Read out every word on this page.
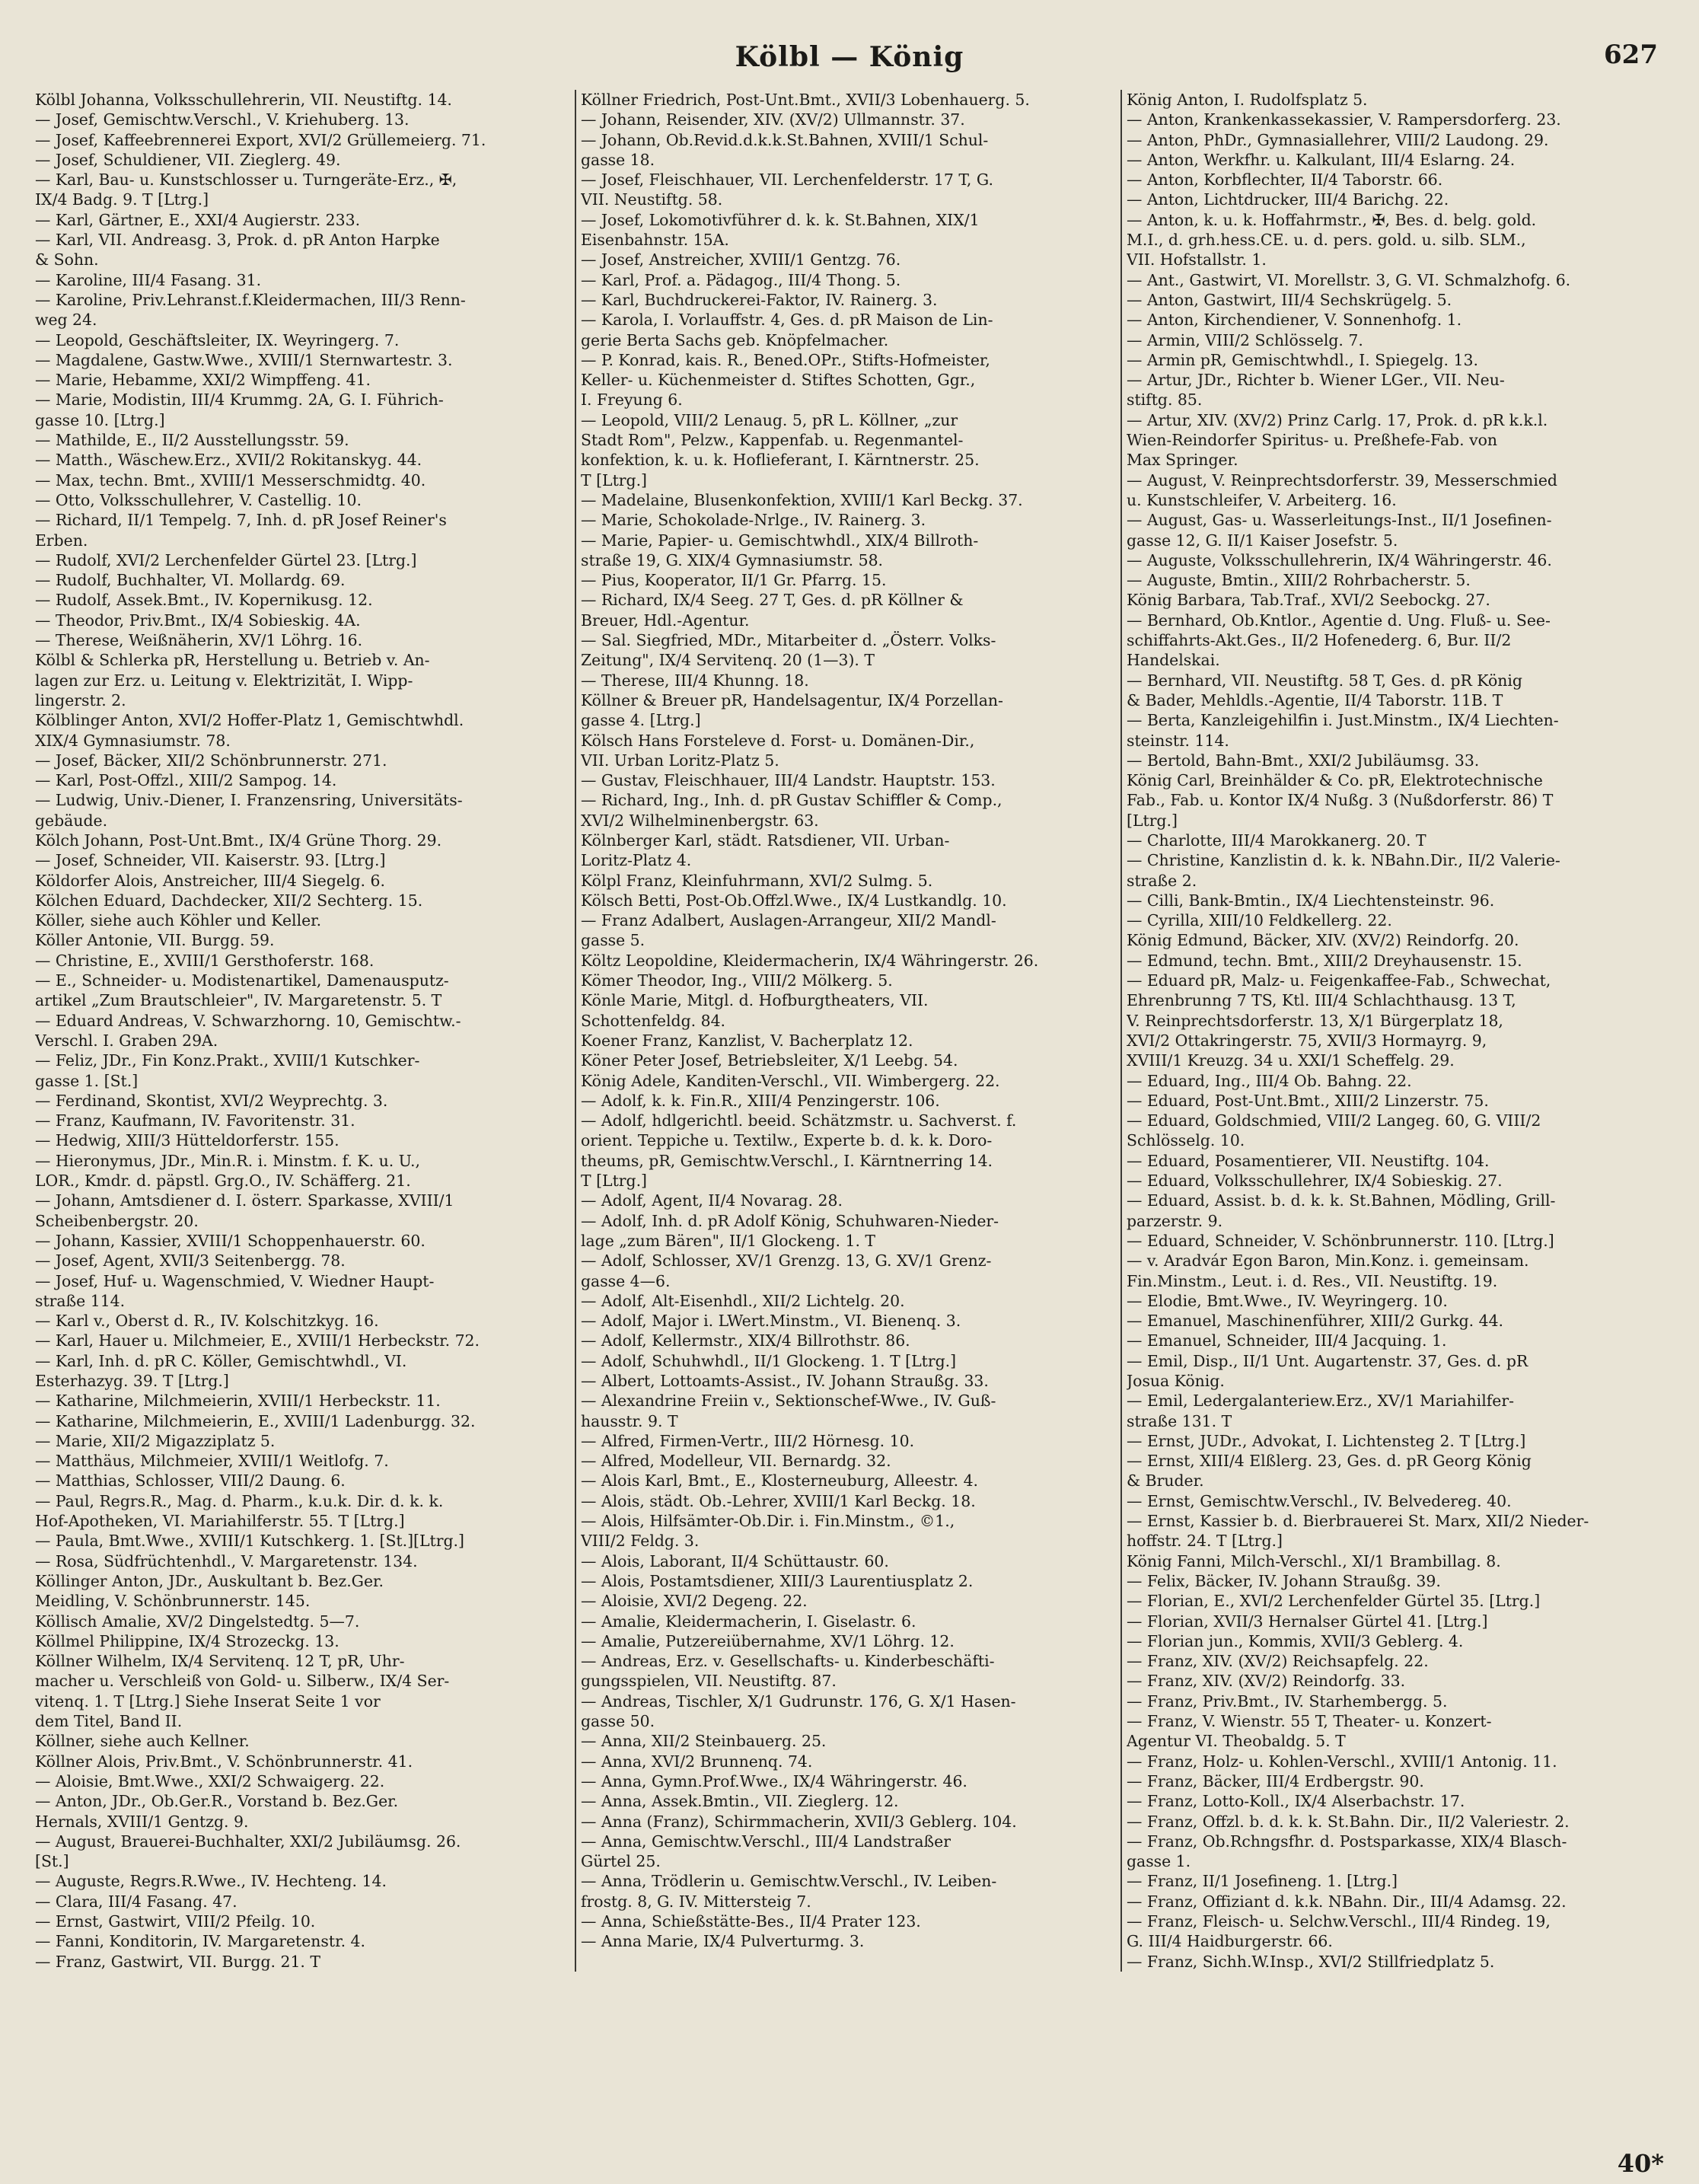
Kölbl — König	627
Kölbl Johanna, Volksschullehrerin, VII. Neustiftg. 14.
— Josef, Gemischtw.Verschl., V. Kriehuberg. 13.
— Josef, Kaffeebrennerei Export, XVI/2 Grüllemeierg. 71.
— Josef, Schuldiener, VII. Zieglerg. 49.
— Karl, Bau- u. Kunstschlosser u. Turngeräte-Erz., ✠,
IX/4 Badg. 9. T [Ltrg.]
— Karl, Gärtner, E., XXI/4 Augierstr. 233.
— Karl, VII. Andreasg. 3, Prok. d. pR Anton Harpke
& Sohn.
— Karoline, III/4 Fasang. 31.
— Karoline, Priv.Lehranst.f.Kleidermachen, III/3 Renn-
weg 24.
— Leopold, Geschäftsleiter, IX. Weyringerg. 7.
— Magdalene, Gastw.Wwe., XVIII/1 Sternwartestr. 3.
— Marie, Hebamme, XXI/2 Wimpffeng. 41.
— Marie, Modistin, III/4 Krummg. 2A, G. I. Führich-
gasse 10. [Ltrg.]
— Mathilde, E., II/2 Ausstellungsstr. 59.
— Matth., Wäschew.Erz., XVII/2 Rokitanskyg. 44.
— Max, techn. Bmt., XVIII/1 Messerschmidtg. 40.
— Otto, Volksschullehrer, V. Castellig. 10.
— Richard, II/1 Tempelg. 7, Inh. d. pR Josef Reiner's
Erben.
— Rudolf, XVI/2 Lerchenfelder Gürtel 23. [Ltrg.]
— Rudolf, Buchhalter, VI. Mollardg. 69.
— Rudolf, Assek.Bmt., IV. Kopernikusg. 12.
— Theodor, Priv.Bmt., IX/4 Sobieskig. 4A.
— Therese, Weißnäherin, XV/1 Löhrg. 16.
Kölbl & Schlerka pR, Herstellung u. Betrieb v. An-
lagen zur Erz. u. Leitung v. Elektrizität, I. Wipp-
lingerstr. 2.
Kölblinger Anton, XVI/2 Hoffer-Platz 1, Gemischtwhdl.
XIX/4 Gymnasiumstr. 78.
— Josef, Bäcker, XII/2 Schönbrunnerstr. 271.
— Karl, Post-Offzl., XIII/2 Sampog. 14.
— Ludwig, Univ.-Diener, I. Franzensring, Universitäts-
gebäude.
Kölch Johann, Post-Unt.Bmt., IX/4 Grüne Thorg. 29.
— Josef, Schneider, VII. Kaiserstr. 93. [Ltrg.]
Köldorfer Alois, Anstreicher, III/4 Siegelg. 6.
Kölchen Eduard, Dachdecker, XII/2 Sechterg. 15.
Köller, siehe auch Köhler und Keller.
Köller Antonie, VII. Burgg. 59.
— Christine, E., XVIII/1 Gersthoferstr. 168.
— E., Schneider- u. Modistenartikel, Damenausputz-
artikel „Zum Brautschleier", IV. Margaretenstr. 5. T
— Eduard Andreas, V. Schwarzhorng. 10, Gemischtw.-
Verschl. I. Graben 29A.
— Feliz, JDr., Fin Konz.Prakt., XVIII/1 Kutschker-
gasse 1. [St.]
— Ferdinand, Skontist, XVI/2 Weyprechtg. 3.
— Franz, Kaufmann, IV. Favoritenstr. 31.
— Hedwig, XIII/3 Hütteldorferstr. 155.
— Hieronymus, JDr., Min.R. i. Minstm. f. K. u. U.,
LOR., Kmdr. d. päpstl. Grg.O., IV. Schäfferg. 21.
— Johann, Amtsdiener d. I. österr. Sparkasse, XVIII/1
Scheibenbergstr. 20.
— Johann, Kassier, XVIII/1 Schoppenhauerstr. 60.
— Josef, Agent, XVII/3 Seitenbergg. 78.
— Josef, Huf- u. Wagenschmied, V. Wiedner Haupt-
straße 114.
— Karl v., Oberst d. R., IV. Kolschitzkyg. 16.
— Karl, Hauer u. Milchmeier, E., XVIII/1 Herbeckstr. 72.
— Karl, Inh. d. pR C. Köller, Gemischtwhdl., VI.
Esterhazyg. 39. T [Ltrg.]
— Katharine, Milchmeierin, XVIII/1 Herbeckstr. 11.
— Katharine, Milchmeierin, E., XVIII/1 Ladenburgg. 32.
— Marie, XII/2 Migazziplatz 5.
— Matthäus, Milchmeier, XVIII/1 Weitlofg. 7.
— Matthias, Schlosser, VIII/2 Daung. 6.
— Paul, Regrs.R., Mag. d. Pharm., k.u.k. Dir. d. k. k.
Hof-Apotheken, VI. Mariahilferstr. 55. T [Ltrg.]
— Paula, Bmt.Wwe., XVIII/1 Kutschkerg. 1. [St.][Ltrg.]
— Rosa, Südfrüchtenhdl., V. Margaretenstr. 134.
Köllinger Anton, JDr., Auskultant b. Bez.Ger.
Meidling, V. Schönbrunnerstr. 145.
Köllisch Amalie, XV/2 Dingelstedtg. 5—7.
Köllmel Philippine, IX/4 Strozeckg. 13.
Köllner Wilhelm, IX/4 Servitenq. 12 T, pR, Uhr-
macher u. Verschleiß von Gold- u. Silberw., IX/4 Ser-
vitenq. 1. T [Ltrg.] Siehe Inserat Seite 1 vor
dem Titel, Band II.
Köllner, siehe auch Kellner.
Köllner Alois, Priv.Bmt., V. Schönbrunnerstr. 41.
— Aloisie, Bmt.Wwe., XXI/2 Schwaigerg. 22.
— Anton, JDr., Ob.Ger.R., Vorstand b. Bez.Ger.
Hernals, XVIII/1 Gentzg. 9.
— August, Brauerei-Buchhalter, XXI/2 Jubiläumsg. 26.
[St.]
— Auguste, Regrs.R.Wwe., IV. Hechteng. 14.
— Clara, III/4 Fasang. 47.
— Ernst, Gastwirt, VIII/2 Pfeilg. 10.
— Fanni, Konditorin, IV. Margaretenstr. 4.
— Franz, Gastwirt, VII. Burgg. 21. T
Köllner Friedrich, Post-Unt.Bmt., XVII/3 Lobenhauerg. 5.
— Johann, Reisender, XIV. (XV/2) Ullmannstr. 37.
— Johann, Ob.Revid.d.k.k.St.Bahnen, XVIII/1 Schul-
gasse 18.
— Josef, Fleischhauer, VII. Lerchenfelderstr. 17 T, G.
VII. Neustiftg. 58.
— Josef, Lokomotivführer d. k. k. St.Bahnen, XIX/1
Eisenbahnstr. 15A.
— Josef, Anstreicher, XVIII/1 Gentzg. 76.
— Karl, Prof. a. Pädagog., III/4 Thong. 5.
— Karl, Buchdruckerei-Faktor, IV. Rainerg. 3.
— Karola, I. Vorlauffstr. 4, Ges. d. pR Maison de Lin-
gerie Berta Sachs geb. Knöpfelmacher.
— P. Konrad, kais. R., Bened.OPr., Stifts-Hofmeister,
Keller- u. Küchenmeister d. Stiftes Schotten, Ggr.,
I. Freyung 6.
— Leopold, VIII/2 Lenaug. 5, pR L. Köllner, „zur
Stadt Rom", Pelzw., Kappenfab. u. Regenmantel-
konfektion, k. u. k. Hoflieferant, I. Kärntnerstr. 25.
T [Ltrg.]
— Madelaine, Blusenkonfektion, XVIII/1 Karl Beckg. 37.
— Marie, Schokolade-Nrlge., IV. Rainerg. 3.
— Marie, Papier- u. Gemischtwhdl., XIX/4 Billroth-
straße 19, G. XIX/4 Gymnasiumstr. 58.
— Pius, Kooperator, II/1 Gr. Pfarrg. 15.
— Richard, IX/4 Seeg. 27 T, Ges. d. pR Köllner &
Breuer, Hdl.-Agentur.
— Sal. Siegfried, MDr., Mitarbeiter d. „Österr. Volks-
Zeitung", IX/4 Servitenq. 20 (1—3). T
— Therese, III/4 Khunng. 18.
Köllner & Breuer pR, Handelsagentur, IX/4 Porzellan-
gasse 4. [Ltrg.]
Kölsch Hans Forsteleve d. Forst- u. Domänen-Dir.,
VII. Urban Loritz-Platz 5.
— Gustav, Fleischhauer, III/4 Landstr. Hauptstr. 153.
— Richard, Ing., Inh. d. pR Gustav Schiffler & Comp.,
XVI/2 Wilhelminenbergstr. 63.
Kölnberger Karl, städt. Ratsdiener, VII. Urban-
Loritz-Platz 4.
Kölpl Franz, Kleinfuhrmann, XVI/2 Sulmg. 5.
Kölsch Betti, Post-Ob.Offzl.Wwe., IX/4 Lustkandlg. 10.
— Franz Adalbert, Auslagen-Arrangeur, XII/2 Mandl-
gasse 5.
Költz Leopoldine, Kleidermacherin, IX/4 Währingerstr. 26.
Kömer Theodor, Ing., VIII/2 Mölkerg. 5.
Könle Marie, Mitgl. d. Hofburgtheaters, VII.
Schottenfeldg. 84.
Koener Franz, Kanzlist, V. Bacherplatz 12.
Köner Peter Josef, Betriebsleiter, X/1 Leebg. 54.
König Adele, Kanditen-Verschl., VII. Wimbergerg. 22.
— Adolf, k. k. Fin.R., XIII/4 Penzingerstr. 106.
— Adolf, hdlgerichtl. beeid. Schätzmstr. u. Sachverst. f.
orient. Teppiche u. Textilw., Experte b. d. k. k. Doro-
theums, pR, Gemischtw.Verschl., I. Kärntnerring 14.
T [Ltrg.]
— Adolf, Agent, II/4 Novarag. 28.
— Adolf, Inh. d. pR Adolf König, Schuhwaren-Nieder-
lage „zum Bären", II/1 Glockeng. 1. T
— Adolf, Schlosser, XV/1 Grenzg. 13, G. XV/1 Grenz-
gasse 4—6.
— Adolf, Alt-Eisenhdl., XII/2 Lichtelg. 20.
— Adolf, Major i. LWert.Minstm., VI. Bienenq. 3.
— Adolf, Kellermstr., XIX/4 Billrothstr. 86.
— Adolf, Schuhwhdl., II/1 Glockeng. 1. T [Ltrg.]
— Albert, Lottoamts-Assist., IV. Johann Straußg. 33.
— Alexandrine Freiin v., Sektionschef-Wwe., IV. Guß-
hausstr. 9. T
— Alfred, Firmen-Vertr., III/2 Hörnesg. 10.
— Alfred, Modelleur, VII. Bernardg. 32.
— Alois Karl, Bmt., E., Klosterneuburg, Alleestr. 4.
— Alois, städt. Ob.-Lehrer, XVIII/1 Karl Beckg. 18.
— Alois, Hilfsämter-Ob.Dir. i. Fin.Minstm., ©1.,
VIII/2 Feldg. 3.
— Alois, Laborant, II/4 Schüttaustr. 60.
— Alois, Postamtsdiener, XIII/3 Laurentiusplatz 2.
— Aloisie, XVI/2 Degeng. 22.
— Amalie, Kleidermacherin, I. Giselastr. 6.
— Amalie, Putzereiübernahme, XV/1 Löhrg. 12.
— Andreas, Erz. v. Gesellschafts- u. Kinderbeschäfti-
gungsspielen, VII. Neustiftg. 87.
— Andreas, Tischler, X/1 Gudrunstr. 176, G. X/1 Hasen-
gasse 50.
— Anna, XII/2 Steinbauerg. 25.
— Anna, XVI/2 Brunnenq. 74.
— Anna, Gymn.Prof.Wwe., IX/4 Währingerstr. 46.
— Anna, Assek.Bmtin., VII. Zieglerg. 12.
— Anna (Franz), Schirmmacherin, XVII/3 Geblerg. 104.
— Anna, Gemischtw.Verschl., III/4 Landstraßer
Gürtel 25.
— Anna, Trödlerin u. Gemischtw.Verschl., IV. Leiben-
frostg. 8, G. IV. Mittersteig 7.
— Anna, Schießstätte-Bes., II/4 Prater 123.
— Anna Marie, IX/4 Pulverturmg. 3.
König Anton, I. Rudolfsplatz 5.
— Anton, Krankenkassekassier, V. Rampersdorferg. 23.
— Anton, PhDr., Gymnasiallehrer, VIII/2 Laudong. 29.
— Anton, Werkfhr. u. Kalkulant, III/4 Eslarng. 24.
— Anton, Korbflechter, II/4 Taborstr. 66.
— Anton, Lichtdrucker, III/4 Barichg. 22.
— Anton, k. u. k. Hoffahrmstr., ✠, Bes. d. belg. gold.
M.I., d. grh.hess.CE. u. d. pers. gold. u. silb. SLM.,
VII. Hofstallstr. 1.
— Ant., Gastwirt, VI. Morellstr. 3, G. VI. Schmalzhofg. 6.
— Anton, Gastwirt, III/4 Sechskrügelg. 5.
— Anton, Kirchendiener, V. Sonnenhofg. 1.
— Armin, VIII/2 Schlösselg. 7.
— Armin pR, Gemischtwhdl., I. Spiegelg. 13.
— Artur, JDr., Richter b. Wiener LGer., VII. Neu-
stiftg. 85.
— Artur, XIV. (XV/2) Prinz Carlg. 17, Prok. d. pR k.k.l.
Wien-Reindorfer Spiritus- u. Preßhefe-Fab. von
Max Springer.
— August, V. Reinprechtsdorferstr. 39, Messerschmied
u. Kunstschleifer, V. Arbeiterg. 16.
— August, Gas- u. Wasserleitungs-Inst., II/1 Josefinen-
gasse 12, G. II/1 Kaiser Josefstr. 5.
— Auguste, Volksschullehrerin, IX/4 Währingerstr. 46.
— Auguste, Bmtin., XIII/2 Rohrbacherstr. 5.
König Barbara, Tab.Traf., XVI/2 Seebockg. 27.
— Bernhard, Ob.Kntlor., Agentie d. Ung. Fluß- u. See-
schiffahrts-Akt.Ges., II/2 Hofenederg. 6, Bur. II/2
Handelskai.
— Bernhard, VII. Neustiftg. 58 T, Ges. d. pR König
& Bader, Mehldls.-Agentie, II/4 Taborstr. 11B. T
— Berta, Kanzleigehilfin i. Just.Minstm., IX/4 Liechten-
steinstr. 114.
— Bertold, Bahn-Bmt., XXI/2 Jubiläumsg. 33.
König Carl, Breinhälder & Co. pR, Elektrotechnische
Fab., Fab. u. Kontor IX/4 Nußg. 3 (Nußdorferstr. 86) T
[Ltrg.]
— Charlotte, III/4 Marokkanerg. 20. T
— Christine, Kanzlistin d. k. k. NBahn.Dir., II/2 Valerie-
straße 2.
— Cilli, Bank-Bmtin., IX/4 Liechtensteinstr. 96.
— Cyrilla, XIII/10 Feldkellerg. 22.
König Edmund, Bäcker, XIV. (XV/2) Reindorfg. 20.
— Edmund, techn. Bmt., XIII/2 Dreyhausenstr. 15.
— Eduard pR, Malz- u. Feigenkaffee-Fab., Schwechat,
Ehrenbrunng 7 TS, Ktl. III/4 Schlachthausg. 13 T,
V. Reinprechtsdorferstr. 13, X/1 Bürgerplatz 18,
XVI/2 Ottakringerstr. 75, XVII/3 Hormayrg. 9,
XVIII/1 Kreuzg. 34 u. XXI/1 Scheffelg. 29.
— Eduard, Ing., III/4 Ob. Bahng. 22.
— Eduard, Post-Unt.Bmt., XIII/2 Linzerstr. 75.
— Eduard, Goldschmied, VIII/2 Langeg. 60, G. VIII/2
Schlösselg. 10.
— Eduard, Posamentierer, VII. Neustiftg. 104.
— Eduard, Volksschullehrer, IX/4 Sobieskig. 27.
— Eduard, Assist. b. d. k. k. St.Bahnen, Mödling, Grill-
parzerstr. 9.
— Eduard, Schneider, V. Schönbrunnerstr. 110. [Ltrg.]
— v. Aradvár Egon Baron, Min.Konz. i. gemeinsam.
Fin.Minstm., Leut. i. d. Res., VII. Neustiftg. 19.
— Elodie, Bmt.Wwe., IV. Weyringerg. 10.
— Emanuel, Maschinenführer, XIII/2 Gurkg. 44.
— Emanuel, Schneider, III/4 Jacquing. 1.
— Emil, Disp., II/1 Unt. Augartenstr. 37, Ges. d. pR
Josua König.
— Emil, Ledergalanteriew.Erz., XV/1 Mariahilfer-
straße 131. T
— Ernst, JUDr., Advokat, I. Lichtensteg 2. T [Ltrg.]
— Ernst, XIII/4 Elßlerg. 23, Ges. d. pR Georg König
& Bruder.
— Ernst, Gemischtw.Verschl., IV. Belvedereg. 40.
— Ernst, Kassier b. d. Bierbrauerei St. Marx, XII/2 Nieder-
hoffstr. 24. T [Ltrg.]
König Fanni, Milch-Verschl., XI/1 Brambillag. 8.
— Felix, Bäcker, IV. Johann Straußg. 39.
— Florian, E., XVI/2 Lerchenfelder Gürtel 35. [Ltrg.]
— Florian, XVII/3 Hernalser Gürtel 41. [Ltrg.]
— Florian jun., Kommis, XVII/3 Geblerg. 4.
— Franz, XIV. (XV/2) Reichsapfelg. 22.
— Franz, XIV. (XV/2) Reindorfg. 33.
— Franz, Priv.Bmt., IV. Starhembergg. 5.
— Franz, V. Wienstr. 55 T, Theater- u. Konzert-
Agentur VI. Theobaldg. 5. T
— Franz, Holz- u. Kohlen-Verschl., XVIII/1 Antonig. 11.
— Franz, Bäcker, III/4 Erdbergstr. 90.
— Franz, Lotto-Koll., IX/4 Alserbachstr. 17.
— Franz, Offzl. b. d. k. k. St.Bahn. Dir., II/2 Valeriestr. 2.
— Franz, Ob.Rchngsfhr. d. Postsparkasse, XIX/4 Blasch-
gasse 1.
— Franz, II/1 Josefineng. 1. [Ltrg.]
— Franz, Offiziant d. k.k. NBahn. Dir., III/4 Adamsg. 22.
— Franz, Fleisch- u. Selchw.Verschl., III/4 Rindeg. 19,
G. III/4 Haidburgerstr. 66.
— Franz, Sichh.W.Insp., XVI/2 Stillfriedplatz 5.
40*
